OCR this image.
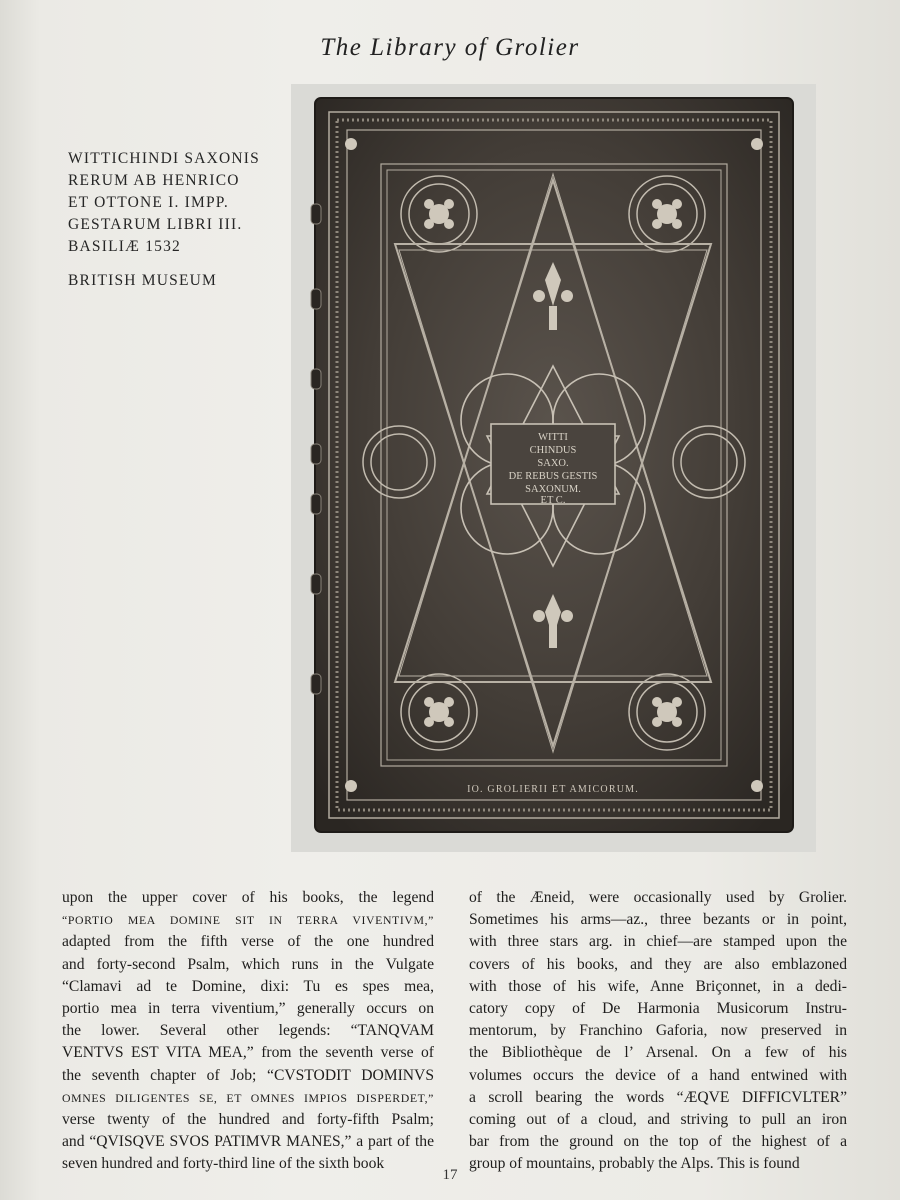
The Library of Grolier
WITTICHINDI SAXONIS
RERUM AB HENRICO
ET OTTONE I. IMPP.
GESTARUM LIBRI III.
BASILIÆ 1532
BRITISH MUSEUM
WITTI
CHINDUS
SAXO.
DE REBUS GESTIS
SAXONUM.
ET C.
IO. GROLIERII ET AMICORUM.
upon the upper cover of his books, the legend
“PORTIO MEA DOMINE SIT IN TERRA VIVENTIVM,”
adapted from the fifth verse of the one hundred
and forty-second Psalm, which runs in the Vulgate
“Clamavi ad te Domine, dixi: Tu es spes mea,
portio mea in terra viventium,” generally occurs on
the lower. Several other legends: “TANQVAM
VENTVS EST VITA MEA,” from the seventh verse of
the seventh chapter of Job; “CVSTODIT DOMINVS
OMNES DILIGENTES SE, ET OMNES IMPIOS DISPERDET,”
verse twenty of the hundred and forty-fifth Psalm;
and “QVISQVE SVOS PATIMVR MANES,” a part of the
seven hundred and forty-third line of the sixth book
of the Æneid, were occasionally used by Grolier.
Sometimes his arms—az., three bezants or in point,
with three stars arg. in chief—are stamped upon the
covers of his books, and they are also emblazoned
with those of his wife, Anne Briçonnet, in a dedi-
catory copy of De Harmonia Musicorum Instru-
mentorum, by Franchino Gaforia, now preserved in
the Bibliothèque de l’ Arsenal. On a few of his
volumes occurs the device of a hand entwined with
a scroll bearing the words “ÆQVE DIFFICVLTER”
coming out of a cloud, and striving to pull an iron
bar from the ground on the top of the highest of a
group of mountains, probably the Alps. This is found
17
